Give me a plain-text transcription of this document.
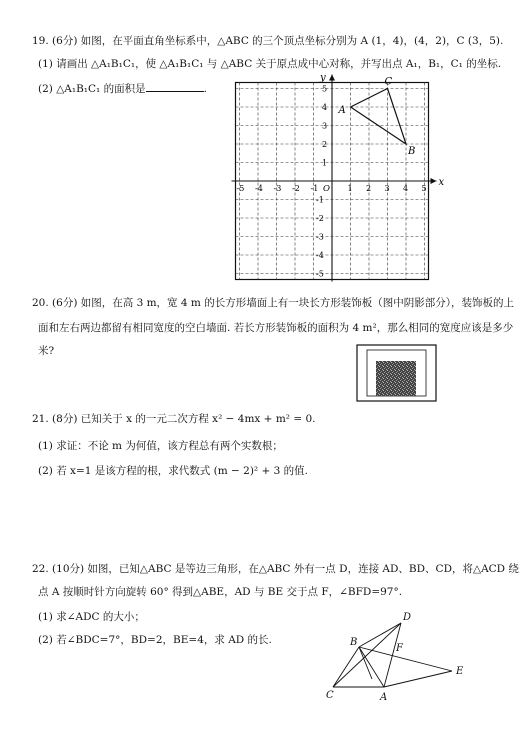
19. (6分) 如图，在平面直角坐标系中，△ABC 的三个顶点坐标分别为 A (1，4)，(4，2)，C (3，5).
(1) 请画出 △A₁B₁C₁，使 △A₁B₁C₁ 与 △ABC 关于原点成中心对称，并写出点 A₁，B₁，C₁ 的坐标.
(2) △A₁B₁C₁ 的面积是	.
x
y
O
-5 -4 -3 -2 -1	1 2 3 4 5
5
4
3
2
1
-1
-2
-3
-4
-5
A
B
C
B
C	A
D
E
F
20. (6分) 如图，在高 3 m，宽 4 m 的长方形墙面上有一块长方形装饰板（图中阴影部分），装饰板的上
面和左右两边都留有相同宽度的空白墙面. 若长方形装饰板的面积为 4 m²，那么相同的宽度应该是多少
米?
21. (8分) 已知关于 x 的一元二次方程 x² − 4mx + m² = 0.
(1) 求证：不论 m 为何值，该方程总有两个实数根；
(2) 若 x=1 是该方程的根，求代数式 (m − 2)² + 3 的值.
22. (10分) 如图，已知△ABC 是等边三角形，在△ABC 外有一点 D，连接 AD、BD、CD，将△ACD 绕
点 A 按顺时针方向旋转 60° 得到△ABE，AD 与 BE 交于点 F，∠BFD=97°.
(1) 求∠ADC 的大小；
(2) 若∠BDC=7°，BD=2，BE=4，求 AD 的长.
